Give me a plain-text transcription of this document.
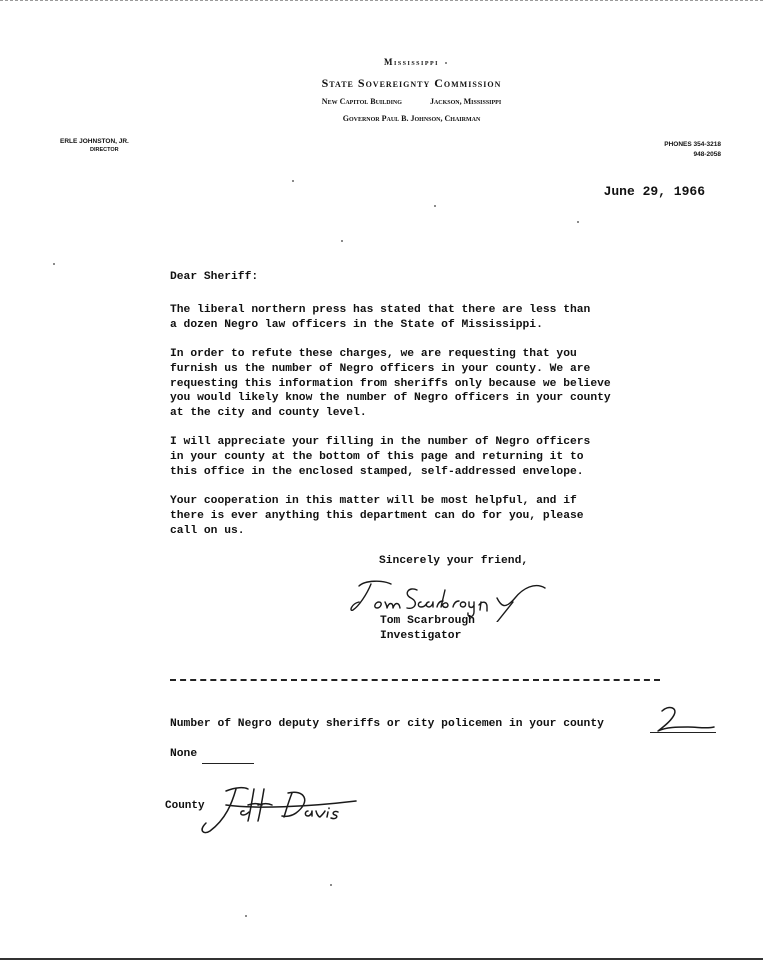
Mississippi
State Sovereignty Commission
New Capitol Building	Jackson, Mississippi
Governor Paul B. Johnson, Chairman
ERLE JOHNSTON, JR.
DIRECTOR
PHONES 354-3218
948-2058
June 29, 1966
Dear Sheriff:
The liberal northern press has stated that there are less than
a dozen Negro law officers in the State of Mississippi.
In order to refute these charges, we are requesting that you
furnish us the number of Negro officers in your county. We are
requesting this information from sheriffs only because we believe
you would likely know the number of Negro officers in your county
at the city and county level.
I will appreciate your filling in the number of Negro officers
in your county at the bottom of this page and returning it to
this office in the enclosed stamped, self-addressed envelope.
Your cooperation in this matter will be most helpful, and if
there is ever anything this department can do for you, please
call on us.
Sincerely your friend,
Tom Scarbrough
Investigator
Number of Negro deputy sheriffs or city policemen in your county
None
County
